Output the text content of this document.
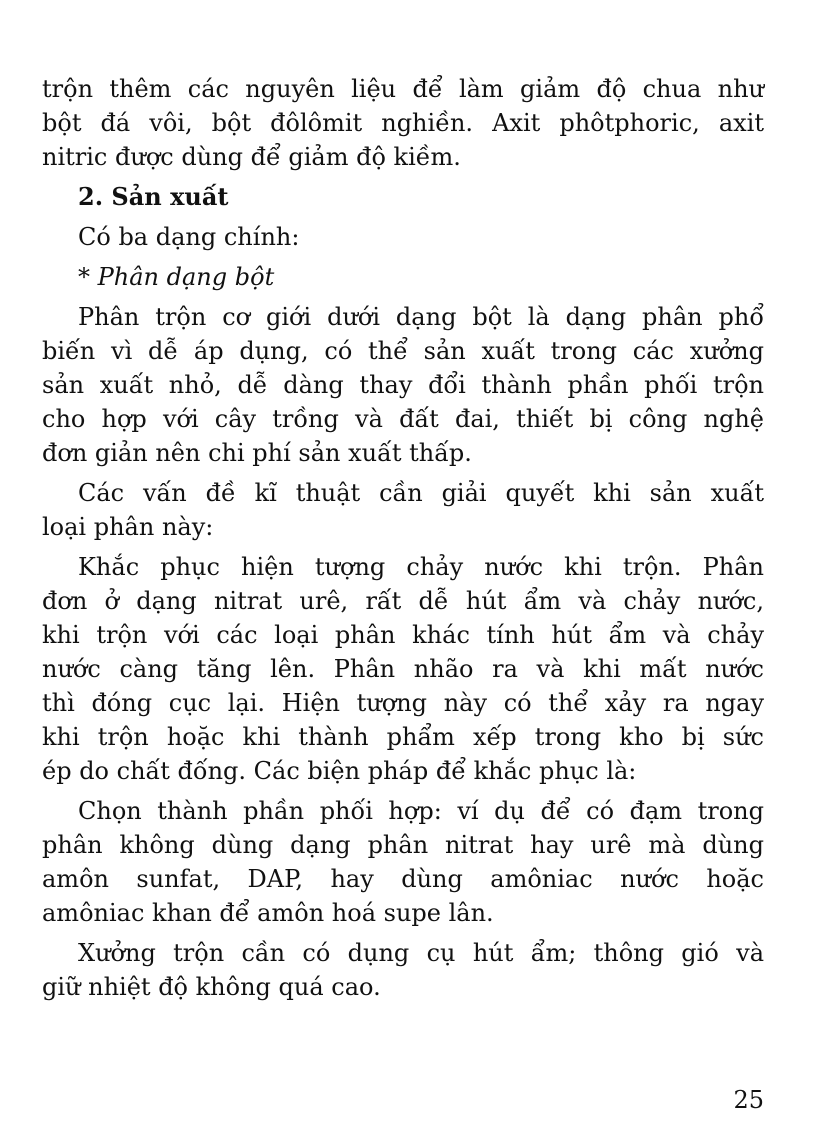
trộn thêm các nguyên liệu để làm giảm độ chua như
bột đá vôi, bột đôlômit nghiền. Axit phôtphoric, axit
nitric được dùng để giảm độ kiềm.
2. Sản xuất
Có ba dạng chính:
* Phân dạng bột
Phân trộn cơ giới dưới dạng bột là dạng phân phổ
biến vì dễ áp dụng, có thể sản xuất trong các xưởng
sản xuất nhỏ, dễ dàng thay đổi thành phần phối trộn
cho hợp với cây trồng và đất đai, thiết bị công nghệ
đơn giản nên chi phí sản xuất thấp.
Các vấn đề kĩ thuật cần giải quyết khi sản xuất
loại phân này:
Khắc phục hiện tượng chảy nước khi trộn. Phân
đơn ở dạng nitrat urê, rất dễ hút ẩm và chảy nước,
khi trộn với các loại phân khác tính hút ẩm và chảy
nước càng tăng lên. Phân nhão ra và khi mất nước
thì đóng cục lại. Hiện tượng này có thể xảy ra ngay
khi trộn hoặc khi thành phẩm xếp trong kho bị sức
ép do chất đống. Các biện pháp để khắc phục là:
Chọn thành phần phối hợp: ví dụ để có đạm trong
phân không dùng dạng phân nitrat hay urê mà dùng
amôn sunfat, DAP, hay dùng amôniac nước hoặc
amôniac khan để amôn hoá supe lân.
Xưởng trộn cần có dụng cụ hút ẩm; thông gió và
giữ nhiệt độ không quá cao.
25
